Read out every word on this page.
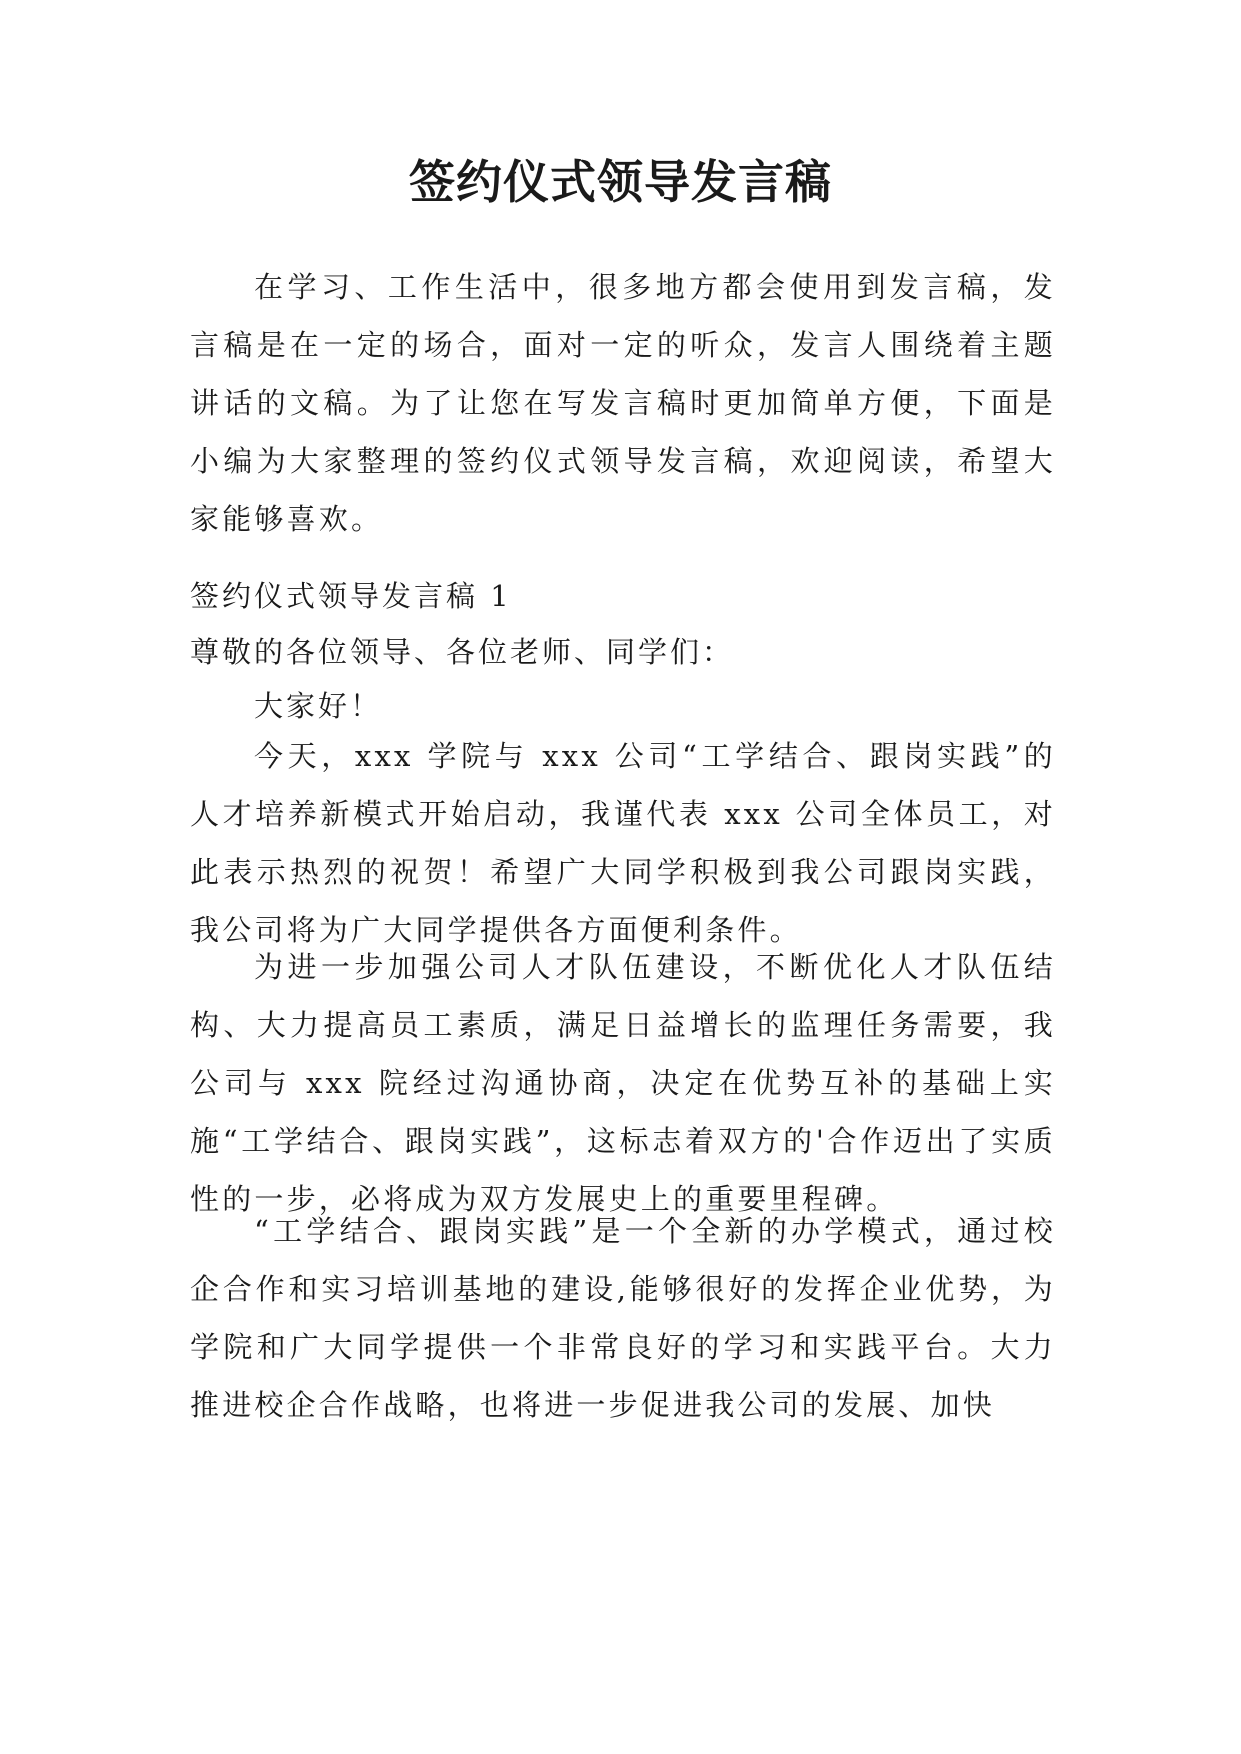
签约仪式领导发言稿

在学习、工作生活中，很多地方都会使用到发言稿，发言稿是在一定的场合，面对一定的听众，发言人围绕着主题讲话的文稿。为了让您在写发言稿时更加简单方便，下面是小编为大家整理的签约仪式领导发言稿，欢迎阅读，希望大家能够喜欢。

签约仪式领导发言稿 1

尊敬的各位领导、各位老师、同学们：

大家好！

今天，xxx 学院与 xxx 公司“工学结合、跟岗实践”的人才培养新模式开始启动，我谨代表 xxx 公司全体员工，对此表示热烈的祝贺！希望广大同学积极到我公司跟岗实践，我公司将为广大同学提供各方面便利条件。

为进一步加强公司人才队伍建设，不断优化人才队伍结构、大力提高员工素质，满足日益增长的监理任务需要，我公司与 xxx 院经过沟通协商，决定在优势互补的基础上实施“工学结合、跟岗实践”，这标志着双方的'合作迈出了实质性的一步，必将成为双方发展史上的重要里程碑。

“工学结合、跟岗实践”是一个全新的办学模式，通过校企合作和实习培训基地的建设,能够很好的发挥企业优势，为学院和广大同学提供一个非常良好的学习和实践平台。大力推进校企合作战略，也将进一步促进我公司的发展、加快
